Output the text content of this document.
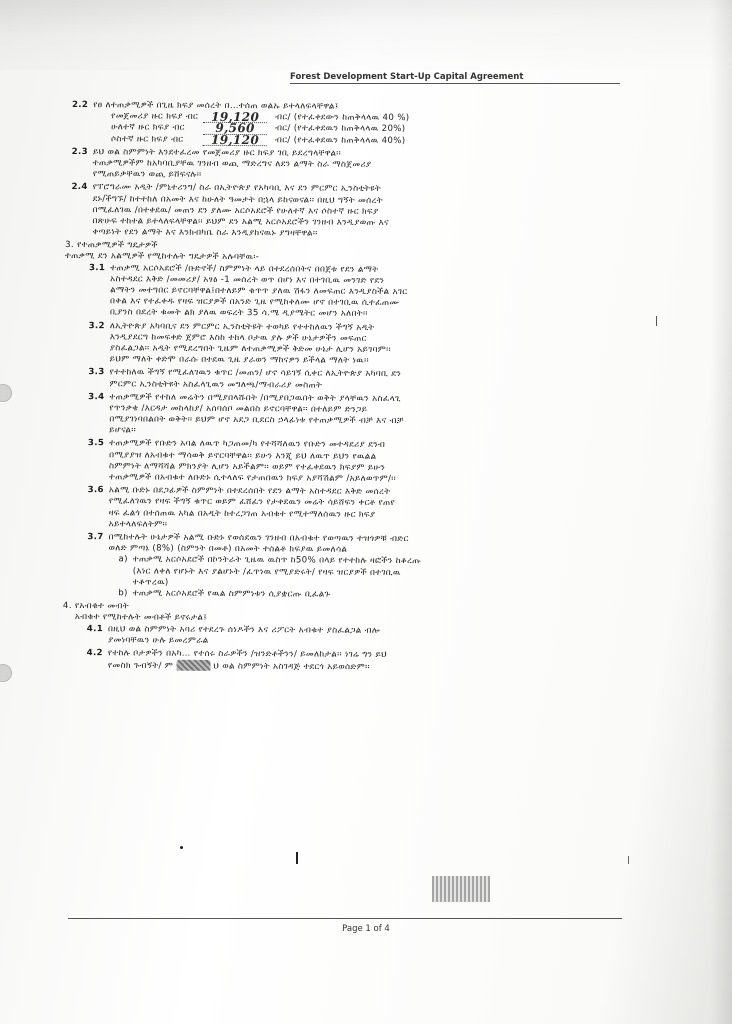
Forest Development Start-Up Capital Agreement
2.2 የፀ ለተጠቃሚዎች በጊዜ ክፍያ መሰረት በ…ተሰጠ ወልኡ ይተላለፍላቸዋል፤
የመጀመሪያ ዙር ክፍያ ብር	19,120	ብር/ (የተፈቀደውን ከጠቅላላዉ 40 %)
ሁለተኛ ዙር ክፍያ ብር	9,560	ብር/ (የተፈቀደዉን ከጠቅላላዉ 20%)
ሶስተኛ ዙር ክፍያ ብር	19,120	ብር/ (የተፈቀደዉን ከጠቅላላዉ 40%)
2.3 ይህ ወል ስምምነት እንደተፈረመ የመጀመሪያ ዙር ክፍያ ገቢ ይደረግላቸዋል፡፡
ተጠቃሚዎችም ከአካባቢያቸዉ ገንዘብ ወጪ ማድረግና ለደን ልማት ስራ ማስጀመሪያ
የሚጠይቃቸዉን ወጪ ይሸፍናሉ፡፡
2.4 የፕሮግራሙ አዲት /ምኒተሪንግ/ ስራ በኢትዮጵያ የአካባቢ እና ደን ምርምር ኢንስቲትዩት
ደኑ/ችግኙ/ ከተተከለ በአመት እና ከሁለት ዓመታት በኋላ ይከናወናል፡፡ በዚህ ግኝት መሰረት
በሚፈለገዉ /በተቀደዉ/ መጠን ደን ያለሙ አርሶአደሮች የሁለተኛ እና ሶስተኛ ዙር ክፍያ
በጽሁፍ ተከተል ይተላለፍላቸዋል፡፡ ይህም ደን አልሚ አርሶአደሮችን ገንዘብ እንዲያወጡ እና
ቀጣይነት የደን ልማት እና እንክብካቤ ስራ እንዲያከናዉኑ ያግዛቸዋል፡፡
3. የተጠቃሚዎች ግዴታዎች
ተጠቃሚ ደን አልሚዎች የሚከተሉት ግዴታዎች አሉባቸዉ፡-
3.1 ተጠቃሚ አርሶአደሮች /ቡድኖች/ ስምምነት ላይ በተደረሰበትና በበጀቱ የደን ልማት
አስተዳደር እቅድ /መመሪያ/ አፃፅ -1 መሰረት ወጥ በሆነ እና በተገቢዉ መንገድ የደን
ልማትን መተግበር ይኖርባቸዋል፤በተለይም ቁጥጥ ያለዉ ሽፋን ለመፍጠር እንዲያስችል አገር
በቀል እና የተፈቀዱ የዛፍ ዝርያዎች በአንድ ጊዜ የሚከቀለሙ ሆኖ በተገቢዉ ሲተፈጠሙ
ቢያንስ በደረት ቁመት ልክ ያለዉ ወፍረት 35 ሳ.ሜ ዲያሜትር መሆን አለበት፡፡
3.2 ለኢትዮጵያ አካባቢና ደን ምርምር ኢንስቲትዩት ተወካይ የተተከለዉን ችግኝ አዲት
እንዲያደርግ ከመፍቀድ ጀምሮ እስከ ተከላ ቦታዉ ያሉ ዎች ሁኔታዎችን መፍጠር
ያስፈልጋል፡፡ አዲት የሚደረግበት ጊዜም ለተጠቃሚዎች ቅድመ ሁኔታ ሊሆን አይገባም፡፡
ይህም ማለት ቀድሞ በራሱ በተደዉ ጊዜ ያራወን ማከናዎን ይችላል ማለት ነዉ፡፡
3.3 የተተከለዉ ችግኝ የሚፈለገዉን ቁጥር /መጠን/ ሆኖ ሳይገኝ ሲቀር ለኢትዮጵያ አካባቢ ደን
ምርምር ኢንስቲትዩት አስፈላጊዉን መግለጫ/ማብራሪያ መስጠት
3.4 ተጠቃሚዎች የተከለ መሬትን በሚያበላሹበት /በሚያበጋዉበት ወቅት ያላቸዉን አስፈላጊ
የጥንቃቄ /እርዳታ መከላከያ/ አሰባሰቦ መልበስ ይኖርባቸዋል፡፡ በተለይም ድንጋይ
በሚያገነባበልበት ወቅት፡፡ ይህም ሆኖ አደጋ ቢደርስ ኃላፊነቱ የተጠቃሚዎች ብቻ እና ብቻ
ይሆናል፡፡
3.5 ተጠቃሚዎች የቡድን አባል ለዉጥ ካጋጠመ/ካ የተሻሻለዉን የቡድን መተዳደሪያ ደንብ
በሚያያዝ ለአብቁተ ማሳወቅ ይኖርባቸዋል፡፡ ይሁን እንጂ ይህ ለዉጥ ይህን የዉልል
ስምምነት ለማሻሻል ምክንያት ሊሆን አይችልም፡፡ ወይም የተፈቀደዉን ክፍያም ይሁን
ተጠቃሚዎች በአብቁተ ለቡድኑ ሲተላለፍ የታጠበዉን ክፍያ አያሻሽልም /አይለወጥም/፡፡
3.6 አልሚ ቡድኑ በደጋፊዎች ስምምነት በተደረሰበት የደን ልማት አስተዳደር እቅድ መሰረት
የሚፈለገዉን የዛፍ ችግኝ ቁጥር ወይም ፈሸፈን የታቀደዉን መሬት ሳይሸፍን ቀርቶ የጠየ
ዛፍ ፈልጎ በተሰጠዉ አካል በአዲት ከተረጋገጠ አብቁተ የሚተማለሰዉን ዙር ክፍያ
አይተላለፍለትም፡፡
3.7 በሚከተሉት ሁኔታዎች አልሚ ቡድኑ የወሰደዉን ገንዘብ በአብቁተ የወጣዉን ተዝጎዎቹ ብድር
ወለድ ምጣኔ (8%) (ስምንት በመቶ) በአመት ተሰልቶ ክፍያዉ ይመለሳል
a) ተጠቃሚ አርሶአደሮች በኮንትራት ጊዜዉ ዉስጥ ከ50% በላይ የተተከሉ ዛፎችን ከቆረጡ
(እነር ለቀለ የሆኑት እና ያልሆኑት /ፈጥነዉ የሚያድሩት/ የዛፍ ዝርያዎች በተገቢዉ
ተቆጥረዉ)
b) ተጠቃሚ አርሶአደሮች የዉል ስምምነቱን ሲያቋርጡ ቢፈልጉ
4. የአብቁተ መብት
አብቁተ የሚከተሉት መብቶች ይኖሩታል፤
4.1 በዚህ ወል ስምምነት አባሪ የተደረጉ ሰነዶችን እና ሪፖርት አብቁተ ያስፈልጋል ብሎ
ያመነባቸዉን ሁሉ ይመረምራል
4.2 የተከሉ ቦታዎችን በአካ… የተሰሩ ስራዎችን /ዝንድቶችንን/ ይመለከታል፡፡ ነገሬ ግን ይህ
የመስክ ጉብኝት/ ም	ህ ወል ስምምነት አስገዳጅ ተደርጎ አይወሰድም፡፡
Page 1 of 4
